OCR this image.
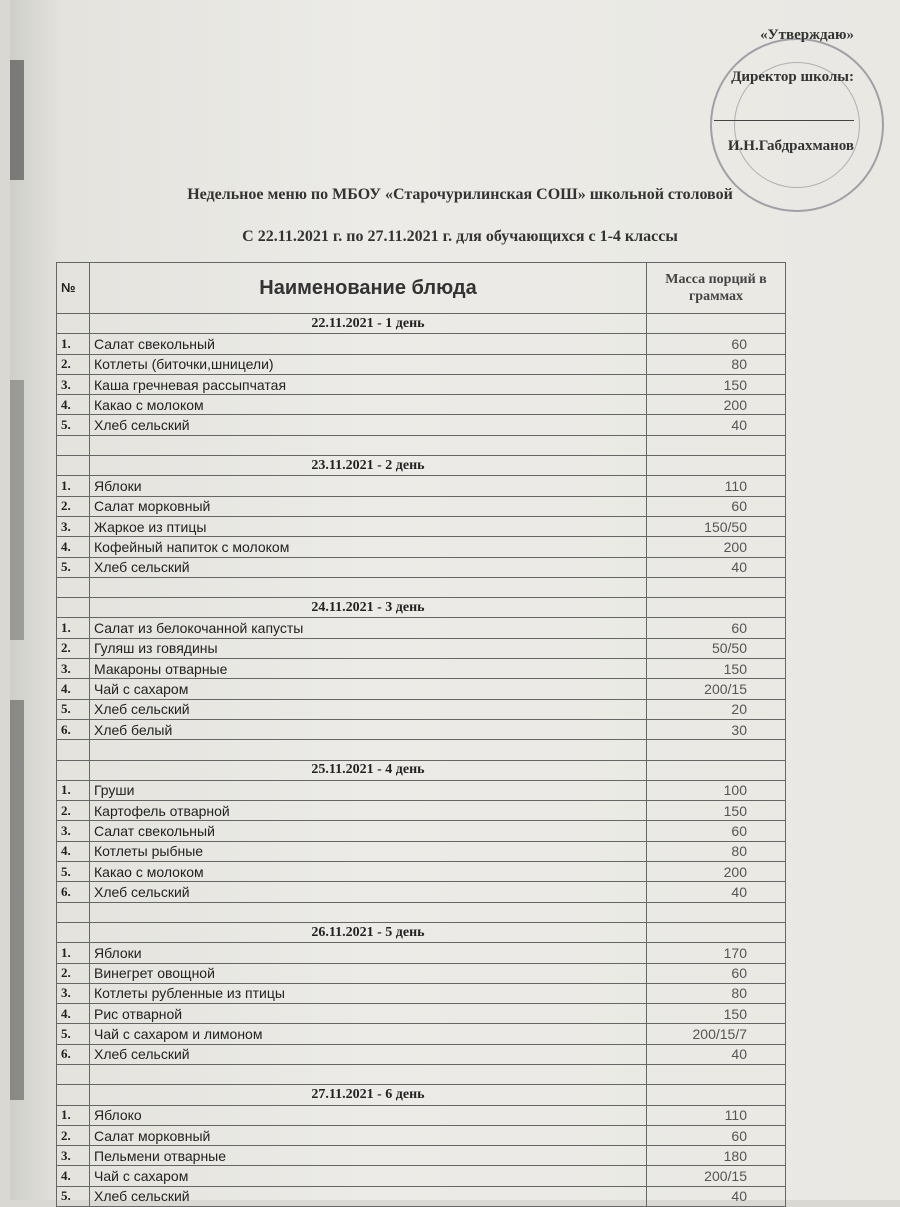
«Утверждаю»
Директор школы:
И.Н.Габдрахманов
Недельное меню по МБОУ «Старочурилинская СОШ» школьной столовой
С 22.11.2021 г. по 27.11.2021 г. для обучающихся с 1-4 классы
№	Наименование блюда	Масса порций в граммах
	22.11.2021 - 1 день	
1.	Салат свекольный	60
2.	Котлеты (биточки,шницели)	80
3.	Каша гречневая рассыпчатая	150
4.	Какао с молоком	200
5.	Хлеб сельский	40

	23.11.2021 - 2 день	
1.	Яблоки	110
2.	Салат морковный	60
3.	Жаркое из птицы	150/50
4.	Кофейный напиток с молоком	200
5.	Хлеб сельский	40

	24.11.2021 - 3 день	
1.	Салат из белокочанной капусты	60
2.	Гуляш из говядины	50/50
3.	Макароны отварные	150
4.	Чай с сахаром	200/15
5.	Хлеб сельский	20
6.	Хлеб белый	30

	25.11.2021 - 4 день	
1.	Груши	100
2.	Картофель отварной	150
3.	Салат свекольный	60
4.	Котлеты рыбные	80
5.	Какао с молоком	200
6.	Хлеб сельский	40

	26.11.2021 - 5 день	
1.	Яблоки	170
2.	Винегрет овощной	60
3.	Котлеты рубленные из птицы	80
4.	Рис отварной	150
5.	Чай с сахаром и лимоном	200/15/7
6.	Хлеб сельский	40

	27.11.2021 - 6 день	
1.	Яблоко	110
2.	Салат морковный	60
3.	Пельмени отварные	180
4.	Чай с сахаром	200/15
5.	Хлеб сельский	40
